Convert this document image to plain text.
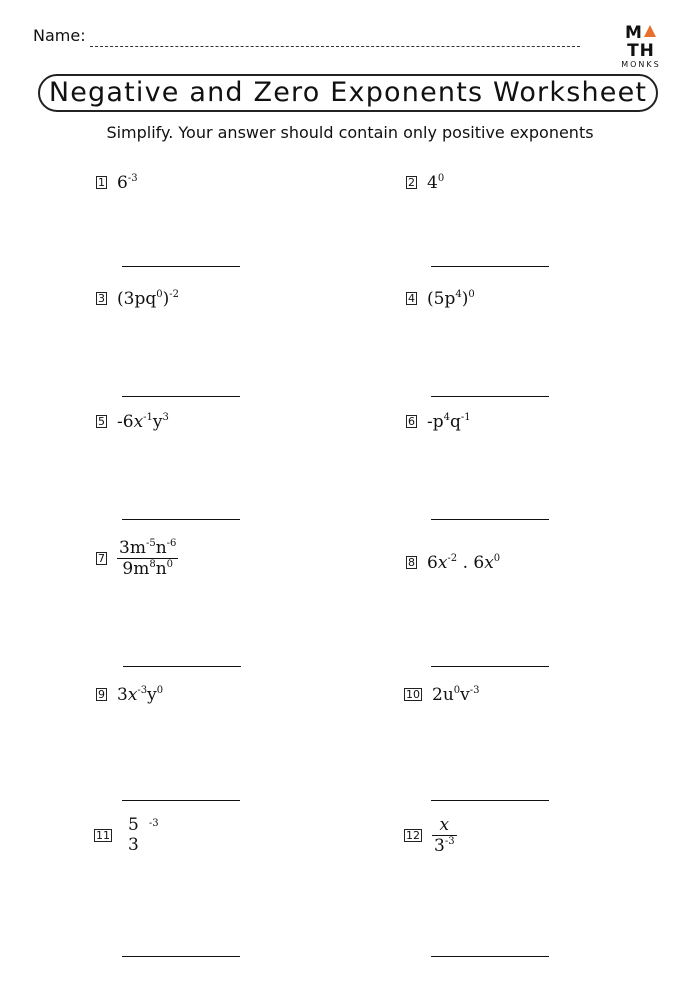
Name:	MTH
MONKS
Negative and Zero Exponents Worksheet
Simplify. Your answer should contain only positive exponents
1 $6^{-3}$	2 $4^0$
3 $(3pq^0)^{-2}$	4 $(5p^4)^0$
5 $-6x^{-1}y^3$	6 $-p^4q^{-1}$
$7 \frac{3m^{-5}n^{-6}}{9m^8n^0}$	8 $6x^{-2}$ . $6x^0$
9 $3x^{-3}y^0$	10 $2u^0v^{-3}$
11 5
3
$^{-3}$
$12 \frac{x}{3^{-3}}$
